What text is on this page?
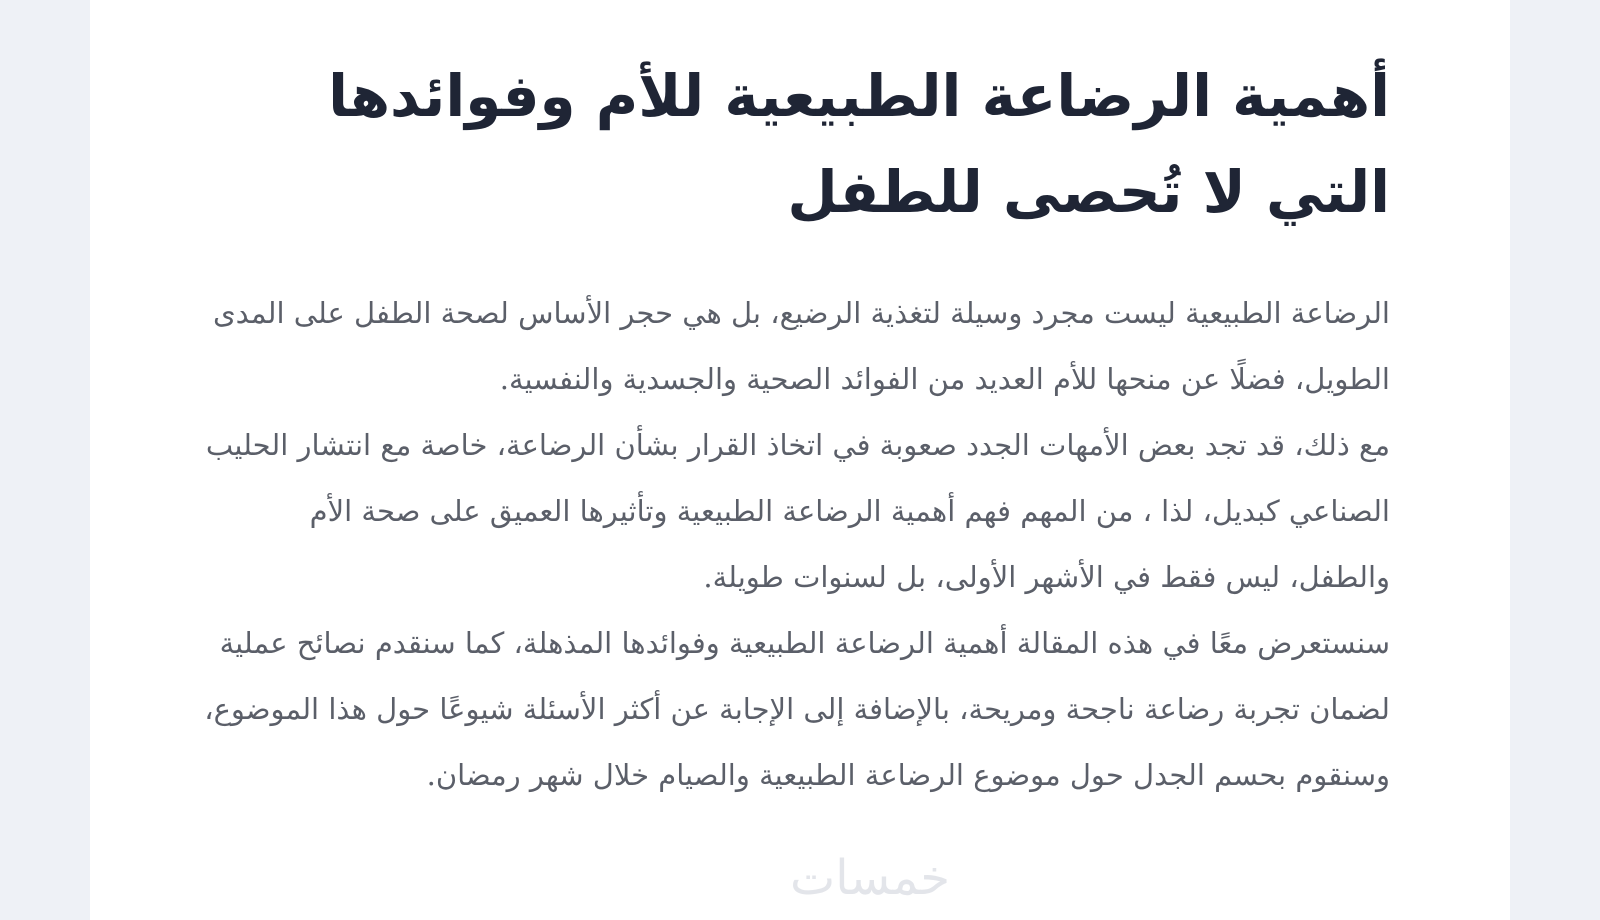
أهمية الرضاعة الطبيعية للأم وفوائدها
التي لا تُحصى للطفل

الرضاعة الطبيعية ليست مجرد وسيلة لتغذية الرضيع، بل هي حجر الأساس لصحة الطفل على المدى الطويل، فضلًا عن منحها للأم العديد من الفوائد الصحية والجسدية والنفسية.

مع ذلك، قد تجد بعض الأمهات الجدد صعوبة في اتخاذ القرار بشأن الرضاعة، خاصة مع انتشار الحليب الصناعي كبديل، لذا ، من المهم فهم أهمية الرضاعة الطبيعية وتأثيرها العميق على صحة الأم والطفل، ليس فقط في الأشهر الأولى، بل لسنوات طويلة.

سنستعرض معًا في هذه المقالة أهمية الرضاعة الطبيعية وفوائدها المذهلة، كما سنقدم نصائح عملية لضمان تجربة رضاعة ناجحة ومريحة، بالإضافة إلى الإجابة عن أكثر الأسئلة شيوعًا حول هذا الموضوع، وسنقوم بحسم الجدل حول موضوع الرضاعة الطبيعية والصيام خلال شهر رمضان.

خمسات
